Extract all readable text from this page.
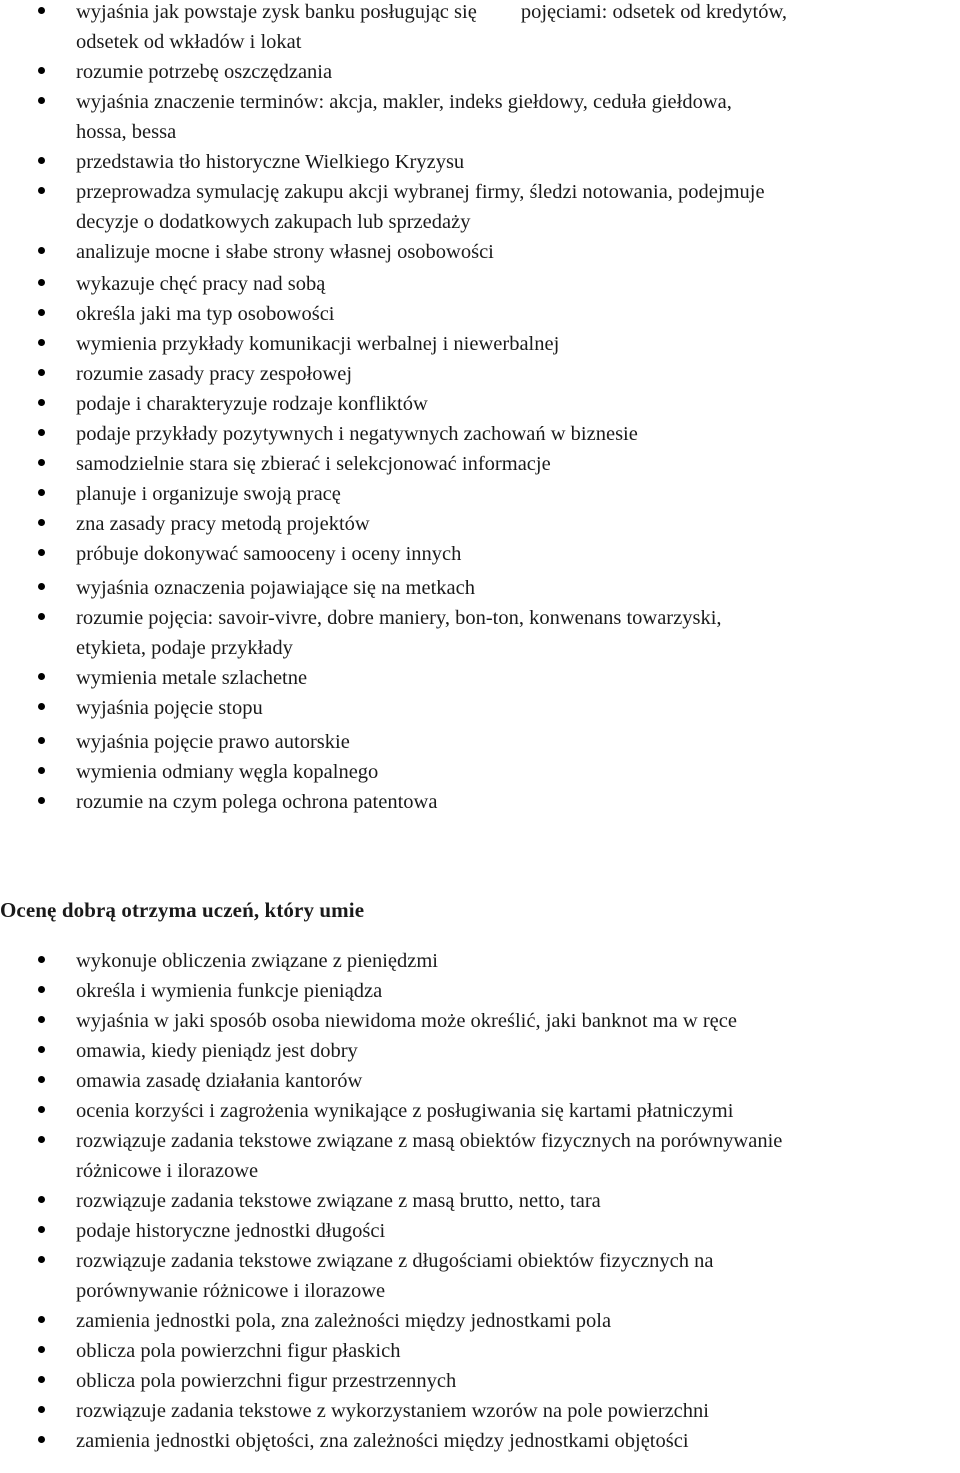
wyjaśnia jak powstaje zysk banku posługując się pojęciami: odsetek od kredytów,
odsetek od wkładów i lokat
rozumie potrzebę oszczędzania
wyjaśnia znaczenie terminów: akcja, makler, indeks giełdowy, ceduła giełdowa,
hossa, bessa
przedstawia tło historyczne Wielkiego Kryzysu
przeprowadza symulację zakupu akcji wybranej firmy, śledzi notowania, podejmuje
decyzje o dodatkowych zakupach lub sprzedaży
analizuje mocne i słabe strony własnej osobowości
wykazuje chęć pracy nad sobą
określa jaki ma typ osobowości
wymienia przykłady komunikacji werbalnej i niewerbalnej
rozumie zasady pracy zespołowej
podaje i charakteryzuje rodzaje konfliktów
podaje przykłady pozytywnych i negatywnych zachowań w biznesie
samodzielnie stara się zbierać i selekcjonować informacje
planuje i organizuje swoją pracę
zna zasady pracy metodą projektów
próbuje dokonywać samooceny i oceny innych
wyjaśnia oznaczenia pojawiające się na metkach
rozumie pojęcia: savoir-vivre, dobre maniery, bon-ton, konwenans towarzyski,
etykieta, podaje przykłady
wymienia metale szlachetne
wyjaśnia pojęcie stopu
wyjaśnia pojęcie prawo autorskie
wymienia odmiany węgla kopalnego
rozumie na czym polega ochrona patentowa
Ocenę dobrą otrzyma uczeń, który umie
wykonuje obliczenia związane z pieniędzmi
określa i wymienia funkcje pieniądza
wyjaśnia w jaki sposób osoba niewidoma może określić, jaki banknot ma w ręce
omawia, kiedy pieniądz jest dobry
omawia zasadę działania kantorów
ocenia korzyści i zagrożenia wynikające z posługiwania się kartami płatniczymi
rozwiązuje zadania tekstowe związane z masą obiektów fizycznych na porównywanie
różnicowe i ilorazowe
rozwiązuje zadania tekstowe związane z masą brutto, netto, tara
podaje historyczne jednostki długości
rozwiązuje zadania tekstowe związane z długościami obiektów fizycznych na
porównywanie różnicowe i ilorazowe
zamienia jednostki pola, zna zależności między jednostkami pola
oblicza pola powierzchni figur płaskich
oblicza pola powierzchni figur przestrzennych
rozwiązuje zadania tekstowe z wykorzystaniem wzorów na pole powierzchni
zamienia jednostki objętości, zna zależności między jednostkami objętości
